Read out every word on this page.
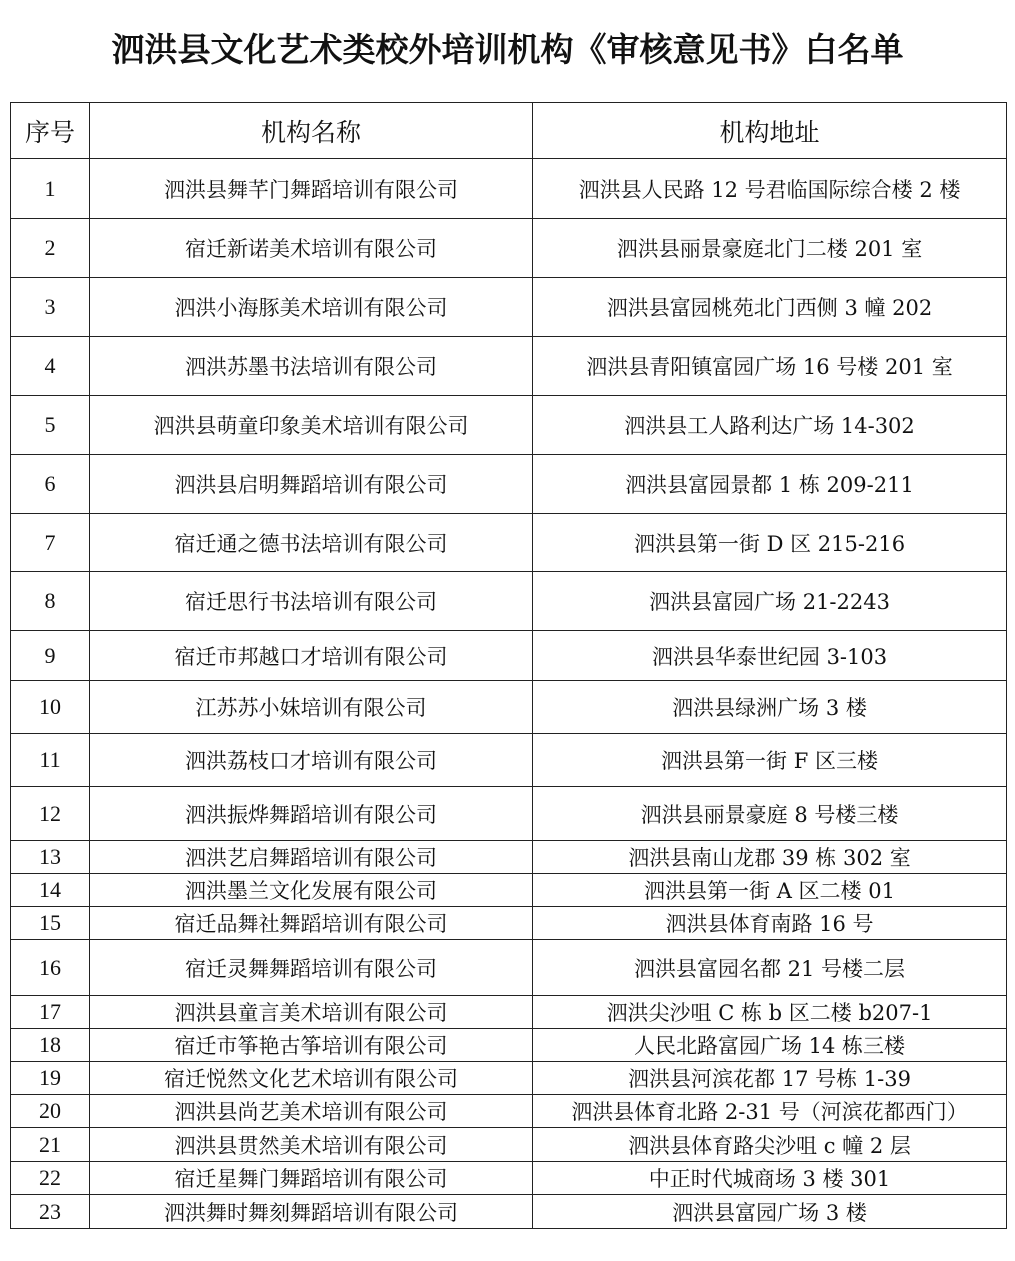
泗洪县文化艺术类校外培训机构《审核意见书》白名单
序号	机构名称	机构地址
1	泗洪县舞芊门舞蹈培训有限公司	泗洪县人民路 12 号君临国际综合楼 2 楼
2	宿迁新诺美术培训有限公司	泗洪县丽景豪庭北门二楼 201 室
3	泗洪小海豚美术培训有限公司	泗洪县富园桃苑北门西侧 3 幢 202
4	泗洪苏墨书法培训有限公司	泗洪县青阳镇富园广场 16 号楼 201 室
5	泗洪县萌童印象美术培训有限公司	泗洪县工人路利达广场 14-302
6	泗洪县启明舞蹈培训有限公司	泗洪县富园景都 1 栋 209-211
7	宿迁通之德书法培训有限公司	泗洪县第一街 D 区 215-216
8	宿迁思行书法培训有限公司	泗洪县富园广场 21-2243
9	宿迁市邦越口才培训有限公司	泗洪县华泰世纪园 3-103
10	江苏苏小妹培训有限公司	泗洪县绿洲广场 3 楼
11	泗洪荔枝口才培训有限公司	泗洪县第一街 F 区三楼
12	泗洪振烨舞蹈培训有限公司	泗洪县丽景豪庭 8 号楼三楼
13	泗洪艺启舞蹈培训有限公司	泗洪县南山龙郡 39 栋 302 室
14	泗洪墨兰文化发展有限公司	泗洪县第一街 A 区二楼 01
15	宿迁品舞社舞蹈培训有限公司	泗洪县体育南路 16 号
16	宿迁灵舞舞蹈培训有限公司	泗洪县富园名都 21 号楼二层
17	泗洪县童言美术培训有限公司	泗洪尖沙咀 C 栋 b 区二楼 b207-1
18	宿迁市筝艳古筝培训有限公司	人民北路富园广场 14 栋三楼
19	宿迁悦然文化艺术培训有限公司	泗洪县河滨花都 17 号栋 1-39
20	泗洪县尚艺美术培训有限公司	泗洪县体育北路 2-31 号（河滨花都西门）
21	泗洪县贯然美术培训有限公司	泗洪县体育路尖沙咀 c 幢 2 层
22	宿迁星舞门舞蹈培训有限公司	中正时代城商场 3 楼 301
23	泗洪舞时舞刻舞蹈培训有限公司	泗洪县富园广场 3 楼
